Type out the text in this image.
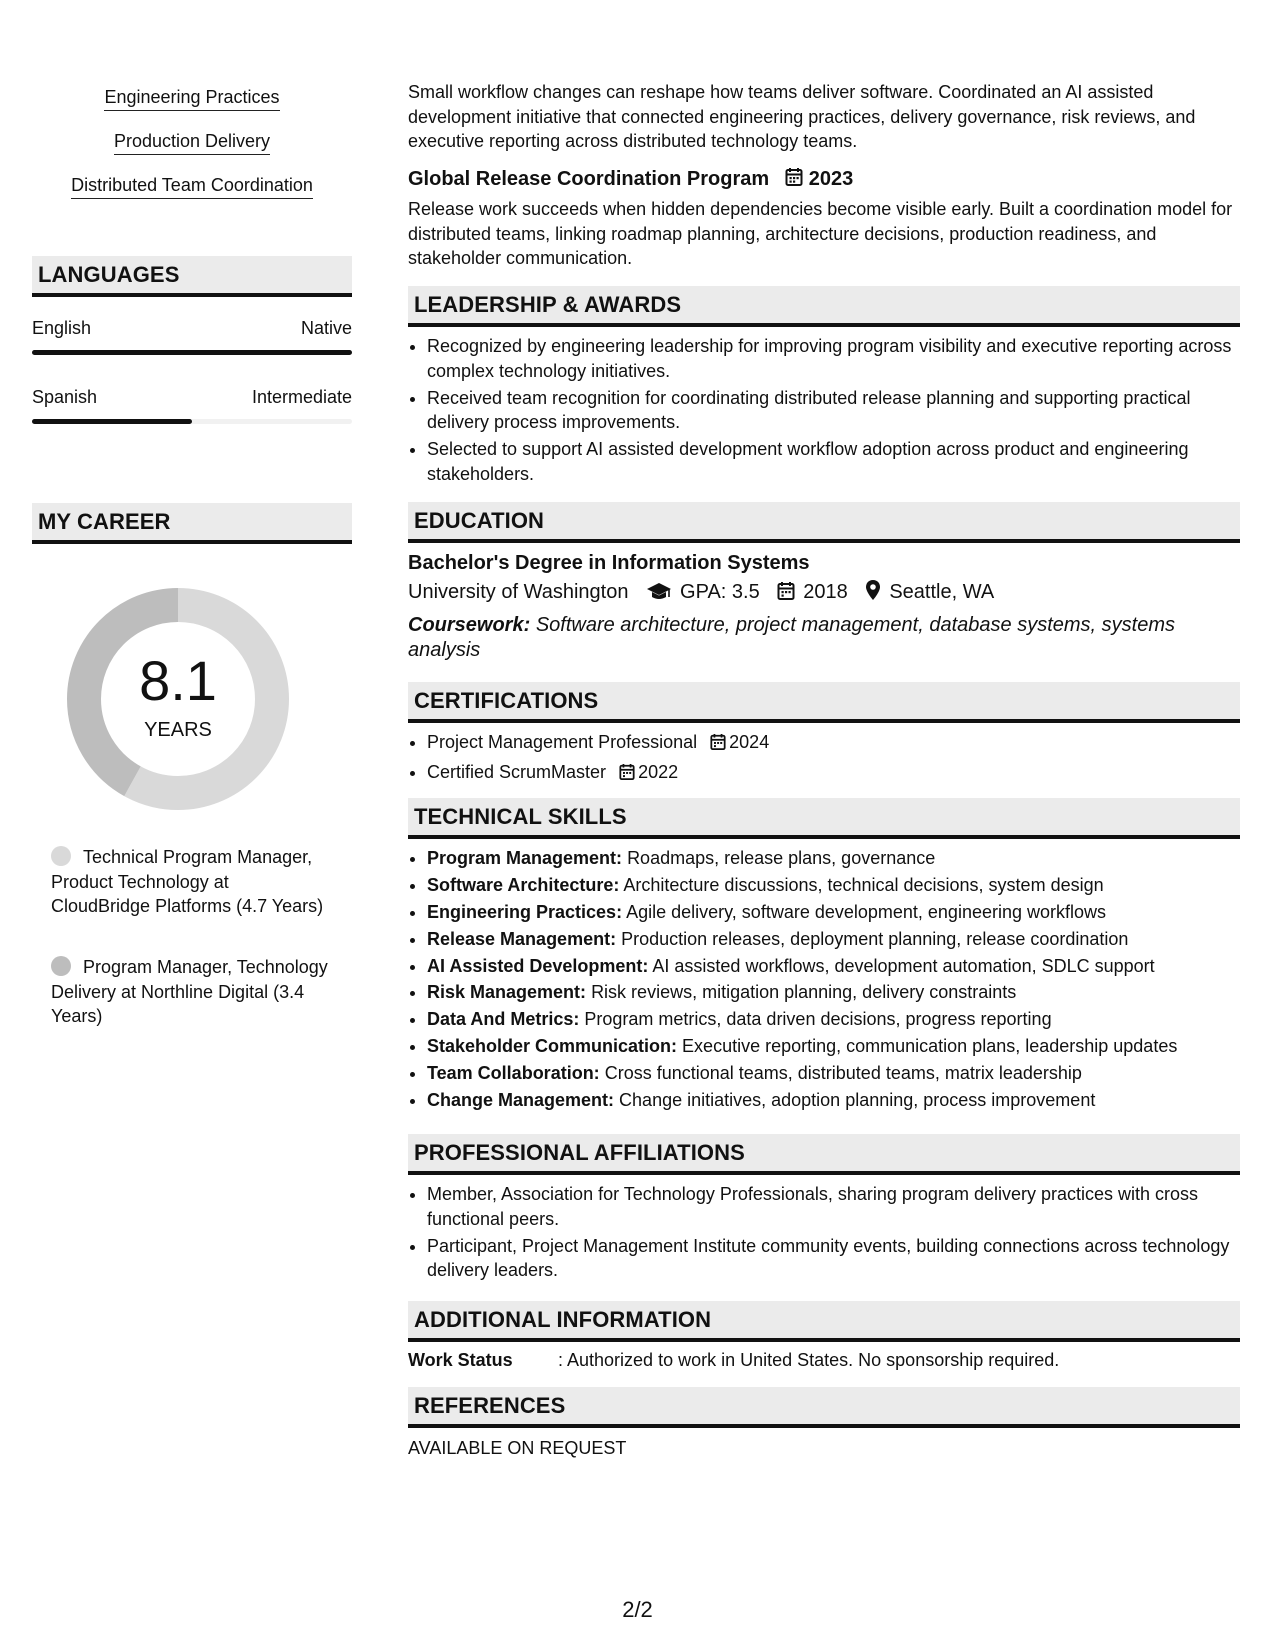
Engineering Practices
Production Delivery
Distributed Team Coordination
LANGUAGES
English	Native
Spanish	Intermediate
MY CAREER
8.1
YEARS
Technical Program Manager, Product Technology at CloudBridge Platforms (4.7 Years)
Program Manager, Technology Delivery at Northline Digital (3.4 Years)

Small workflow changes can reshape how teams deliver software. Coordinated an AI assisted development initiative that connected engineering practices, delivery governance, risk reviews, and executive reporting across distributed technology teams.

Global Release Coordination Program 2023

Release work succeeds when hidden dependencies become visible early. Built a coordination model for distributed teams, linking roadmap planning, architecture decisions, production readiness, and stakeholder communication.

LEADERSHIP & AWARDS
• Recognized by engineering leadership for improving program visibility and executive reporting across complex technology initiatives.
• Received team recognition for coordinating distributed release planning and supporting practical delivery process improvements.
• Selected to support AI assisted development workflow adoption across product and engineering stakeholders.
EDUCATION
Bachelor's Degree in Information Systems
University of Washington	GPA: 3.5 2018 Seattle, WA
Coursework: Software architecture, project management, database systems, systems analysis
CERTIFICATIONS
• Project Management Professional 2024
• Certified ScrumMaster 2022
TECHNICAL SKILLS
• Program Management: Roadmaps, release plans, governance
• Software Architecture: Architecture discussions, technical decisions, system design
• Engineering Practices: Agile delivery, software development, engineering workflows
• Release Management: Production releases, deployment planning, release coordination
• AI Assisted Development: AI assisted workflows, development automation, SDLC support
• Risk Management: Risk reviews, mitigation planning, delivery constraints
• Data And Metrics: Program metrics, data driven decisions, progress reporting
• Stakeholder Communication: Executive reporting, communication plans, leadership updates
• Team Collaboration: Cross functional teams, distributed teams, matrix leadership
• Change Management: Change initiatives, adoption planning, process improvement
PROFESSIONAL AFFILIATIONS
• Member, Association for Technology Professionals, sharing program delivery practices with cross functional peers.
• Participant, Project Management Institute community events, building connections across technology delivery leaders.
ADDITIONAL INFORMATION
Work Status	: Authorized to work in United States. No sponsorship required.
REFERENCES
AVAILABLE ON REQUEST
2/2
